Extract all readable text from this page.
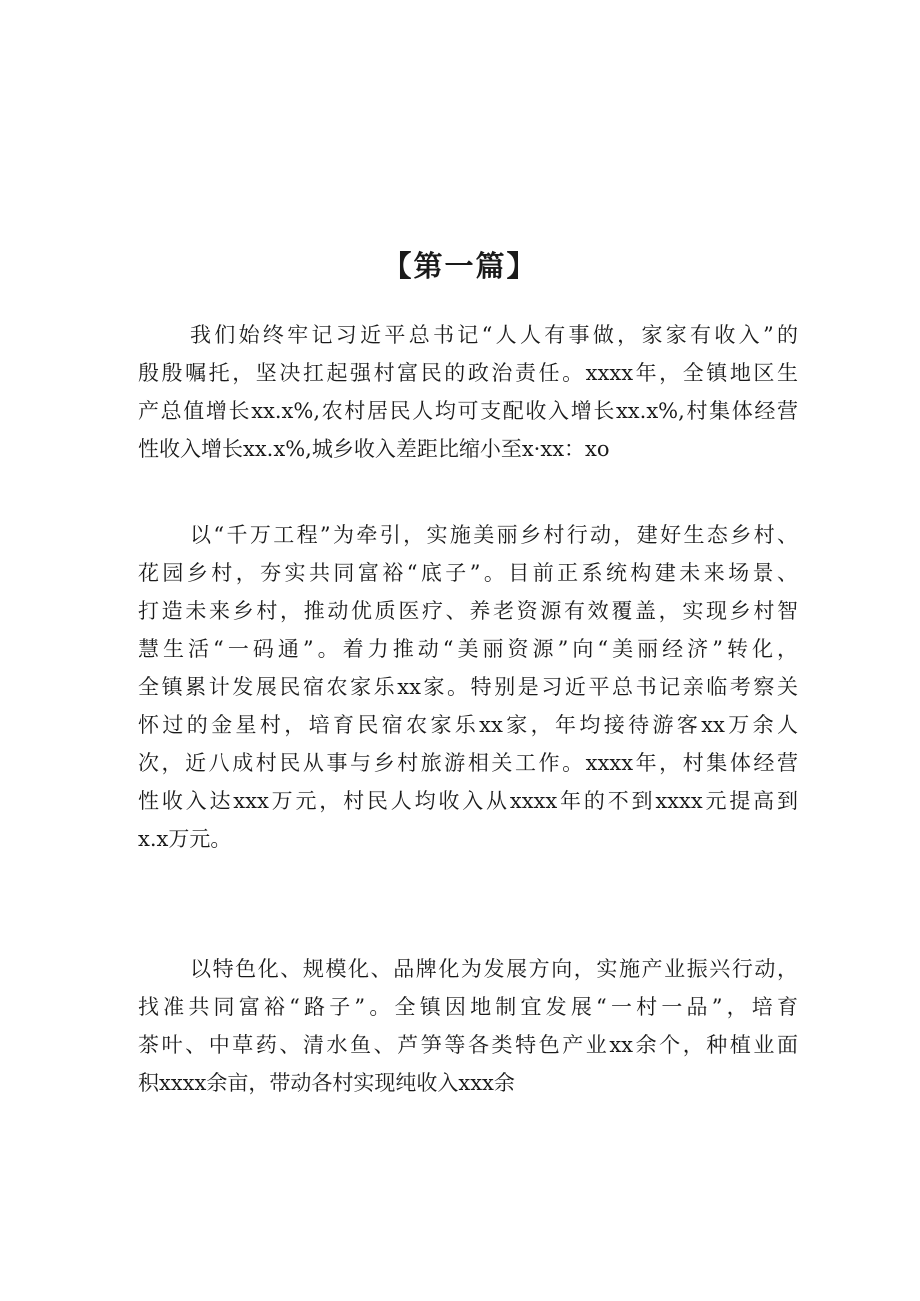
【第一篇】
我们始终牢记习近平总书记“人人有事做，家家有收入”的
殷殷嘱托，坚决扛起强村富民的政治责任。xxxx年，全镇地区生
产总值增长xx.x%,农村居民人均可支配收入增长xx.x%,村集体经营
性收入增长xx.x%,城乡收入差距比缩小至x·xx：xo
以“千万工程”为牵引，实施美丽乡村行动，建好生态乡村、
花园乡村，夯实共同富裕“底子”。目前正系统构建未来场景、
打造未来乡村，推动优质医疗、养老资源有效覆盖，实现乡村智
慧生活“一码通”。着力推动“美丽资源”向“美丽经济”转化，
全镇累计发展民宿农家乐xx家。特别是习近平总书记亲临考察关
怀过的金星村，培育民宿农家乐xx家，年均接待游客xx万余人
次，近八成村民从事与乡村旅游相关工作。xxxx年，村集体经营
性收入达xxx万元，村民人均收入从xxxx年的不到xxxx元提高到
x.x万元。
以特色化、规模化、品牌化为发展方向，实施产业振兴行动，
找准共同富裕“路子”。全镇因地制宜发展“一村一品”，培育
茶叶、中草药、清水鱼、芦笋等各类特色产业xx余个，种植业面
积xxxx余亩，带动各村实现纯收入xxx余
